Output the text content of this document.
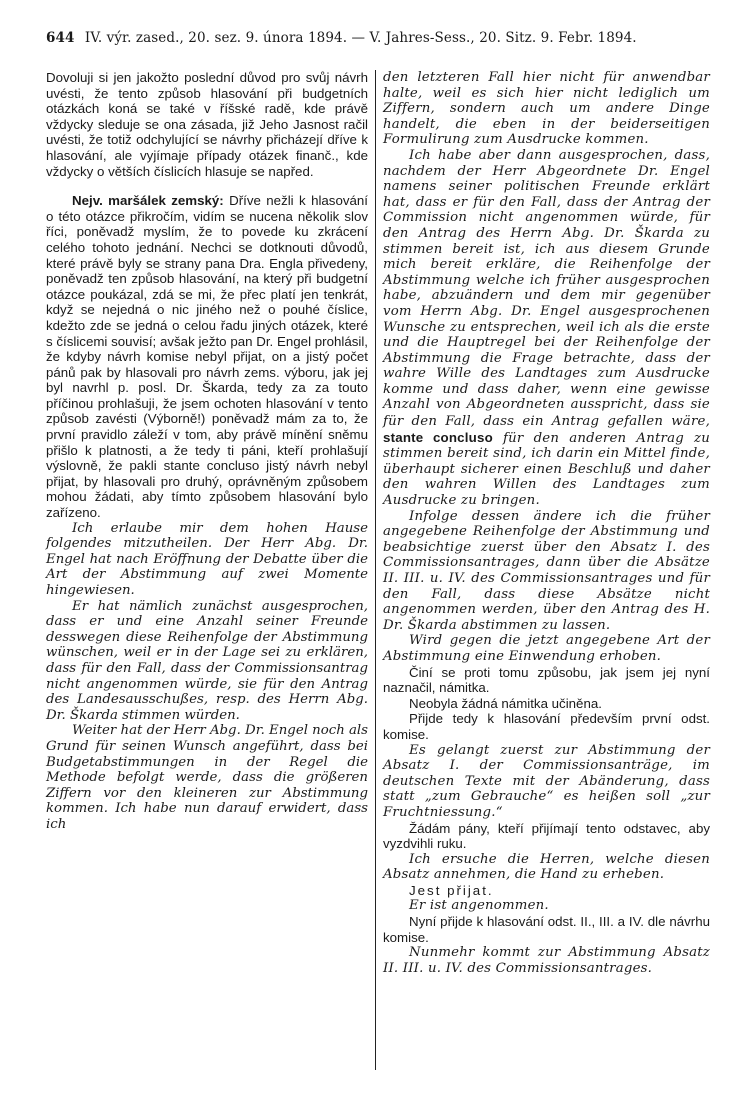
644 IV. výr. zased., 20. sez. 9. února 1894. — V. Jahres-Sess., 20. Sitz. 9. Febr. 1894.

Dovoluji si jen jakožto poslední důvod pro svůj návrh uvésti, že tento způsob hlasování při budgetních otázkách koná se také v říšské radě, kde právě vždycky sleduje se ona zásada, již Jeho Jasnost račil uvésti, že totiž odchylující se návrhy přicházejí dříve k hlasování, ale vyjímaje případy otázek finanč., kde vždycky o větších číslicích hlasuje se napřed.

Nejv. maršálek zemský: Dříve nežli k hlasování o této otázce přikročím, vidím se nucena několik slov říci, poněvadž myslím, že to povede ku zkrácení celého tohoto jednání. Nechci se dotknouti důvodů, které právě byly se strany pana Dra. Engla přivedeny, poněvadž ten způsob hlasování, na který při budgetní otázce poukázal, zdá se mi, že přec platí jen tenkrát, když se nejedná o nic jiného než o pouhé číslice, kdežto zde se jedná o celou řadu jiných otázek, které s číslicemi souvisí; avšak ježto pan Dr. Engel prohlásil, že kdyby návrh komise nebyl přijat, on a jistý počet pánů pak by hlasovali pro návrh zems. výboru, jak jej byl navrhl p. posl. Dr. Škarda, tedy za za touto příčinou prohlašuji, že jsem ochoten hlasování v tento způsob zavésti (Výborně!) poněvadž mám za to, že první pravidlo záleží v tom, aby právě mínění sněmu přišlo k platnosti, a že tedy ti páni, kteří prohlašují výslovně, že pakli stante concluso jistý návrh nebyl přijat, by hlasovali pro druhý, oprávněným způsobem mohou žádati, aby tímto způsobem hlasování bylo zařízeno.

Ich erlaube mir dem hohen Hause folgendes mitzutheilen. Der Herr Abg. Dr. Engel hat nach Eröffnung der Debatte über die Art der Abstimmung auf zwei Momente hingewiesen.

Er hat nämlich zunächst ausgesprochen, dass er und eine Anzahl seiner Freunde desswegen diese Reihenfolge der Abstimmung wünschen, weil er in der Lage sei zu erklären, dass für den Fall, dass der Commissionsantrag nicht angenommen würde, sie für den Antrag des Landesausschußes, resp. des Herrn Abg. Dr. Škarda stimmen würden.

Weiter hat der Herr Abg. Dr. Engel noch als Grund für seinen Wunsch angeführt, dass bei Budgetabstimmungen in der Regel die Methode befolgt werde, dass die größeren Ziffern vor den kleineren zur Abstimmung kommen. Ich habe nun darauf erwidert, dass ich

den letzteren Fall hier nicht für anwendbar halte, weil es sich hier nicht lediglich um Ziffern, sondern auch um andere Dinge handelt, die eben in der beiderseitigen Formulirung zum Ausdrucke kommen.

Ich habe aber dann ausgesprochen, dass, nachdem der Herr Abgeordnete Dr. Engel namens seiner politischen Freunde erklärt hat, dass er für den Fall, dass der Antrag der Commission nicht angenommen würde, für den Antrag des Herrn Abg. Dr. Škarda zu stimmen bereit ist, ich aus diesem Grunde mich bereit erkläre, die Reihenfolge der Abstimmung welche ich früher ausgesprochen habe, abzuändern und dem mir gegenüber vom Herrn Abg. Dr. Engel ausgesprochenen Wunsche zu entsprechen, weil ich als die erste und die Hauptregel bei der Reihenfolge der Abstimmung die Frage betrachte, dass der wahre Wille des Landtages zum Ausdrucke komme und dass daher, wenn eine gewisse Anzahl von Abgeordneten ausspricht, dass sie für den Fall, dass ein Antrag gefallen wäre, stante concluso für den anderen Antrag zu stimmen bereit sind, ich darin ein Mittel finde, überhaupt sicherer einen Beschluß und daher den wahren Willen des Landtages zum Ausdrucke zu bringen.

Infolge dessen ändere ich die früher angegebene Reihenfolge der Abstimmung und beabsichtige zuerst über den Absatz I. des Commissionsantrages, dann über die Absätze II. III. u. IV. des Commissionsantrages und für den Fall, dass diese Absätze nicht angenommen werden, über den Antrag des H. Dr. Škarda abstimmen zu lassen.

Wird gegen die jetzt angegebene Art der Abstimmung eine Einwendung erhoben.

Činí se proti tomu způsobu, jak jsem jej nyní naznačil, námitka.

Neobyla žádná námitka učiněna.

Přijde tedy k hlasování především první odst. komise.

Es gelangt zuerst zur Abstimmung der Absatz I. der Commissionsanträge, im deutschen Texte mit der Abänderung, dass statt „zum Gebrauche“ es heißen soll „zur Fruchtniessung.“

Žádám pány, kteří přijímají tento odstavec, aby vyzdvihli ruku.

Ich ersuche die Herren, welche diesen Absatz annehmen, die Hand zu erheben.

Jest přijat.

Er ist angenommen.

Nyní přijde k hlasování odst. II., III. a IV. dle návrhu komise.

Nunmehr kommt zur Abstimmung Absatz II. III. u. IV. des Commissionsantrages.
